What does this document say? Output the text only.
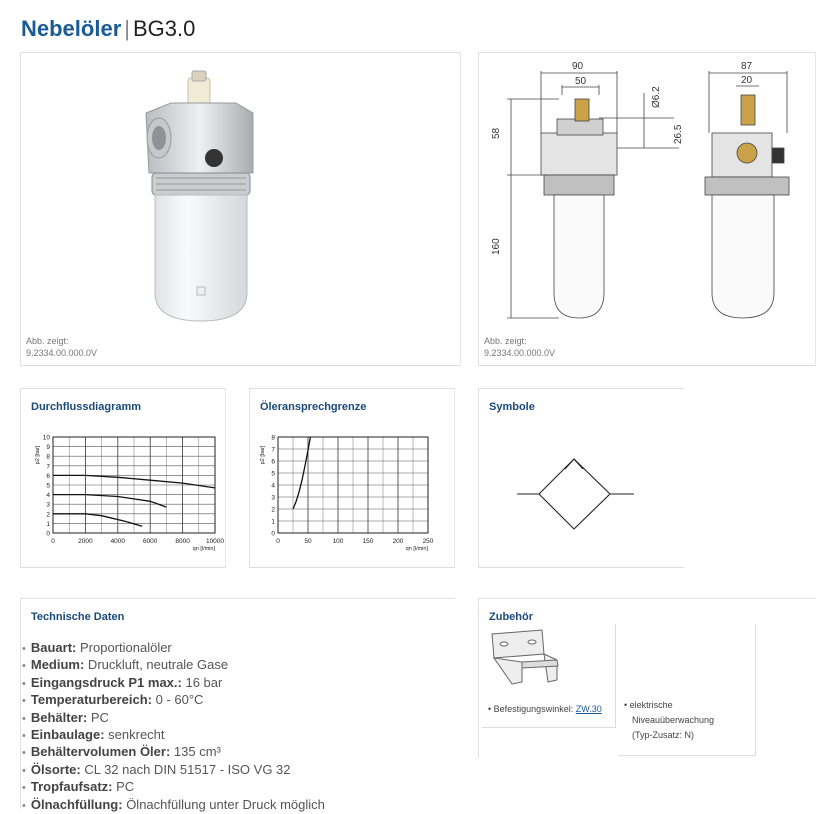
Nebelöler | BG3.0
Abb. zeigt:
9.2334.00.000.0V
90
50
58
160
Ø6.2
26.5
87
20
Abb. zeigt:
9.2334.00.000.0V
Durchflussdiagramm
0	2000	4000	6000	8000 10000
0
1
2
3
4
5
6
7
8
9
10
qn [l/min]
p2 [bar]
Öleransprechgrenze
0	50	100	150	200	250
0
1
2
3
4
5
6
7
8
qn [l/min]
p2 [bar]
Symbole
Technische Daten
• Bauart: Proportionalöler
• Medium: Druckluft, neutrale Gase
• Eingangsdruck P1 max.: 16 bar
• Temperaturbereich: 0 - 60°C
• Behälter: PC
• Einbaulage: senkrecht
• Behältervolumen Öler: 135 cm³
• Ölsorte: CL 32 nach DIN 51517 - ISO VG 32
• Tropfaufsatz: PC
• Ölnachfüllung: Ölnachfüllung unter Druck möglich
Zubehör
• Befestigungswinkel: ZW.30 • elektrische
Niveauüberwachung
(Typ-Zusatz: N)
